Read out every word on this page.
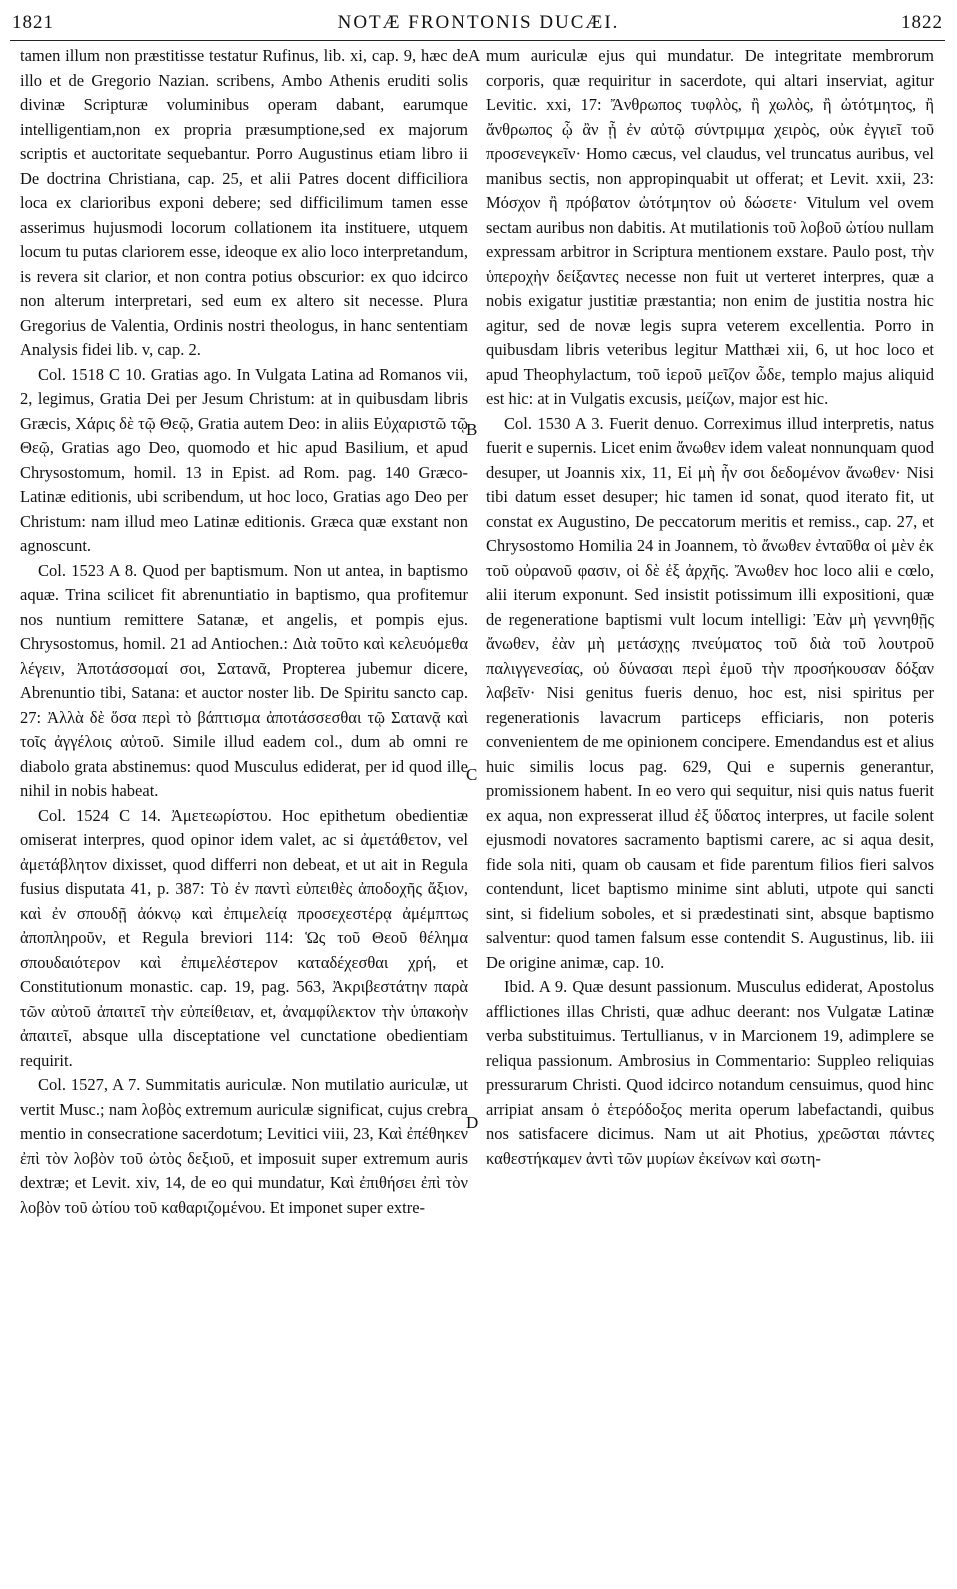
1821	NOTÆ FRONTONIS DUCÆI.	1822

tamen illum non præstitisse testatur Rufinus, lib. xi, cap. 9, hæc de illo et de Gregorio Nazian. scribens, Ambo Athenis eruditi solis divinæ Scripturæ voluminibus operam dabant, earumque intelligentiam,non ex propria præsumptione,sed ex majorum scriptis et auctoritate sequebantur. Porro Augustinus etiam libro ii De doctrina Christiana, cap. 25, et alii Patres docent difficiliora loca ex clarioribus exponi debere; sed difficilimum tamen esse asserimus hujusmodi locorum collationem ita instituere, utquem locum tu putas clariorem esse, ideoque ex alio loco interpretandum, is revera sit clarior, et non contra potius obscurior: ex quo idcirco non alterum interpretari, sed eum ex altero sit necesse. Plura Gregorius de Valentia, Ordinis nostri theologus, in hanc sententiam Analysis fidei lib. v, cap. 2.

Col. 1518 C 10. Gratias ago. In Vulgata Latina ad Romanos vii, 2, legimus, Gratia Dei per Jesum Christum: at in quibusdam libris Græcis, Χάρις δὲ τῷ Θεῷ, Gratia autem Deo: in aliis Εὐχαριστῶ τῷ Θεῷ, Gratias ago Deo, quomodo et hic apud Basilium, et apud Chrysostomum, homil. 13 in Epist. ad Rom. pag. 140 Græco-Latinæ editionis, ubi scribendum, ut hoc loco, Gratias ago Deo per Christum: nam illud meo Latinæ editionis. Græca quæ exstant non agnoscunt.

Col. 1523 A 8. Quod per baptismum. Non ut antea, in baptismo aquæ. Trina scilicet fit abrenuntiatio in baptismo, qua profitemur nos nuntium remittere Satanæ, et angelis, et pompis ejus. Chrysostomus, homil. 21 ad Antiochen.: Διὰ τοῦτο καὶ κελευόμεθα λέγειν, Ἀποτάσσομαί σοι, Σατανᾶ, Propterea jubemur dicere, Abrenuntio tibi, Satana: et auctor noster lib. De Spiritu sancto cap. 27: Ἀλλὰ δὲ ὅσα περὶ τὸ βάπτισμα ἀποτάσσεσθαι τῷ Σατανᾷ καὶ τοῖς ἀγγέλοις αὐτοῦ. Simile illud eadem col., dum ab omni re diabolo grata abstinemus: quod Musculus ediderat, per id quod ille nihil in nobis habeat.

Col. 1524 C 14. Ἀμετεωρίστου. Hoc epithetum obedientiæ omiserat interpres, quod opinor idem valet, ac si ἀμετάθετον, vel ἀμετάβλητον dixisset, quod differri non debeat, et ut ait in Regula fusius disputata 41, p. 387: Τὸ ἐν παντὶ εὐπειθὲς ἀποδοχῆς ἄξιον, καὶ ἐν σπουδῇ ἀόκνῳ καὶ ἐπιμελείᾳ προσεχεστέρᾳ ἀμέμπτως ἀποπληροῦν, et Regula breviori 114: Ὡς τοῦ Θεοῦ θέλημα σπουδαιότερον καὶ ἐπιμελέστερον καταδέχεσθαι χρή, et Constitutionum monastic. cap. 19, pag. 563, Ἀκριβεστάτην παρὰ τῶν αὐτοῦ ἀπαιτεῖ τὴν εὐπείθειαν, et, ἀναμφίλεκτον τὴν ὑπακοὴν ἀπαιτεῖ, absque ulla disceptatione vel cunctatione obedientiam requirit.

Col. 1527, A 7. Summitatis auriculæ. Non mutilatio auriculæ, ut vertit Musc.; nam λοβὸς extremum auriculæ significat, cujus crebra mentio in consecratione sacerdotum; Levitici viii, 23, Καὶ ἐπέθηκεν ἐπὶ τὸν λοβὸν τοῦ ὠτὸς δεξιοῦ, et imposuit super extremum auris dextræ; et Levit. xiv, 14, de eo qui mundatur, Καὶ ἐπιθήσει ἐπὶ τὸν λοβὸν τοῦ ὠτίου τοῦ καθαριζομένου. Et imponet super extre-

A
B
C
D

mum auriculæ ejus qui mundatur. De integritate membrorum corporis, quæ requiritur in sacerdote, qui altari inserviat, agitur Levitic. xxi, 17: Ἄνθρωπος τυφλὸς, ἢ χωλὸς, ἢ ὠτότμητος, ἢ ἄνθρωπος ᾧ ἂν ᾖ ἐν αὐτῷ σύντριμμα χειρὸς, οὐκ ἐγγιεῖ τοῦ προσενεγκεῖν· Homo cæcus, vel claudus, vel truncatus auribus, vel manibus sectis, non appropinquabit ut offerat; et Levit. xxii, 23: Μόσχον ἢ πρόβατον ὠτότμητον οὐ δώσετε· Vitulum vel ovem sectam auribus non dabitis. At mutilationis τοῦ λοβοῦ ὠτίου nullam expressam arbitror in Scriptura mentionem exstare. Paulo post, τὴν ὑπεροχὴν δείξαντες necesse non fuit ut verteret interpres, quæ a nobis exigatur justitiæ præstantia; non enim de justitia nostra hic agitur, sed de novæ legis supra veterem excellentia. Porro in quibusdam libris veteribus legitur Matthæi xii, 6, ut hoc loco et apud Theophylactum, τοῦ ἱεροῦ μεῖζον ὧδε, templo majus aliquid est hic: at in Vulgatis excusis, μείζων, major est hic.

Col. 1530 A 3. Fuerit denuo. Correximus illud interpretis, natus fuerit e supernis. Licet enim ἄνωθεν idem valeat nonnunquam quod desuper, ut Joannis xix, 11, Εἰ μὴ ἦν σοι δεδομένον ἄνωθεν· Nisi tibi datum esset desuper; hic tamen id sonat, quod iterato fit, ut constat ex Augustino, De peccatorum meritis et remiss., cap. 27, et Chrysostomo Homilia 24 in Joannem, τὸ ἄνωθεν ἐνταῦθα οἱ μὲν ἐκ τοῦ οὐρανοῦ φασιν, οἱ δὲ ἐξ ἀρχῆς. Ἄνωθεν hoc loco alii e cœlo, alii iterum exponunt. Sed insistit potissimum illi expositioni, quæ de regeneratione baptismi vult locum intelligi: Ἐὰν μὴ γεννηθῇς ἄνωθεν, ἐὰν μὴ μετάσχῃς πνεύματος τοῦ διὰ τοῦ λουτροῦ παλιγγενεσίας, οὐ δύνασαι περὶ ἐμοῦ τὴν προσήκουσαν δόξαν λαβεῖν· Nisi genitus fueris denuo, hoc est, nisi spiritus per regenerationis lavacrum particeps efficiaris, non poteris convenientem de me opinionem concipere. Emendandus est et alius huic similis locus pag. 629, Qui e supernis generantur, promissionem habent. In eo vero qui sequitur, nisi quis natus fuerit ex aqua, non expresserat illud ἐξ ὕδατος interpres, ut facile solent ejusmodi novatores sacramento baptismi carere, ac si aqua desit, fide sola niti, quam ob causam et fide parentum filios fieri salvos contendunt, licet baptismo minime sint abluti, utpote qui sancti sint, si fidelium soboles, et si prædestinati sint, absque baptismo salventur: quod tamen falsum esse contendit S. Augustinus, lib. iii De origine animæ, cap. 10.

Ibid. A 9. Quæ desunt passionum. Musculus ediderat, Apostolus afflictiones illas Christi, quæ adhuc deerant: nos Vulgatæ Latinæ verba substituimus. Tertullianus, v in Marcionem 19, adimplere se reliqua passionum. Ambrosius in Commentario: Suppleo reliquias pressurarum Christi. Quod idcirco notandum censuimus, quod hinc arripiat ansam ὁ ἑτερόδοξος merita operum labefactandi, quibus nos satisfacere dicimus. Nam ut ait Photius, χρεῶσται πάντες καθεστήκαμεν ἀντὶ τῶν μυρίων ἐκείνων καὶ σωτη-
